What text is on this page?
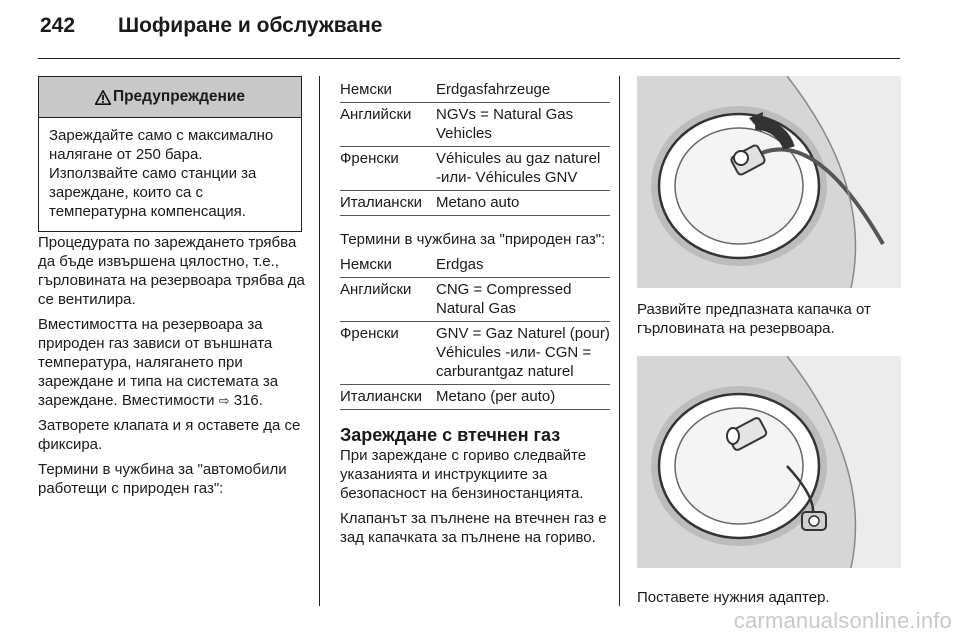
242	Шофиране и обслужване
Предупреждение
Зареждайте само с максимално налягане от 250 бара. Използвайте само станции за зареждане, които са с температурна компенсация.

Процедурата по зареждането трябва да бъде извършена цялостно, т.е., гърловината на резервоара трябва да се вентилира.

Вместимостта на резервоара за природен газ зависи от външната температура, налягането при зареждане и типа на системата за зареждане. Вместимости ⇨ 316.

Затворете клапата и я оставете да се фиксира.

Термини в чужбина за "автомобили работещи с природен газ":

Немски	Erdgasfahrzeuge
Английски	NGVs = Natural Gas Vehicles
Френски	Véhicules au gaz naturel -или- Véhicules GNV
Италиански	Metano auto

Термини в чужбина за "природен газ":

Немски	Erdgas
Английски	CNG = Compressed Natural Gas
Френски	GNV = Gaz Naturel (pour) Véhicules -или- CGN = carburantgaz naturel
Италиански	Metano (per auto)
Зареждане с втечнен газ

При зареждане с гориво следвайте указанията и инструкциите за безопасност на бензиностанцията.

Клапанът за пълнене на втечнен газ е зад капачката за пълнене на гориво.

Развийте предпазната капачка от гърловината на резервоара.

Поставете нужния адаптер.

carmanualsonline.info
